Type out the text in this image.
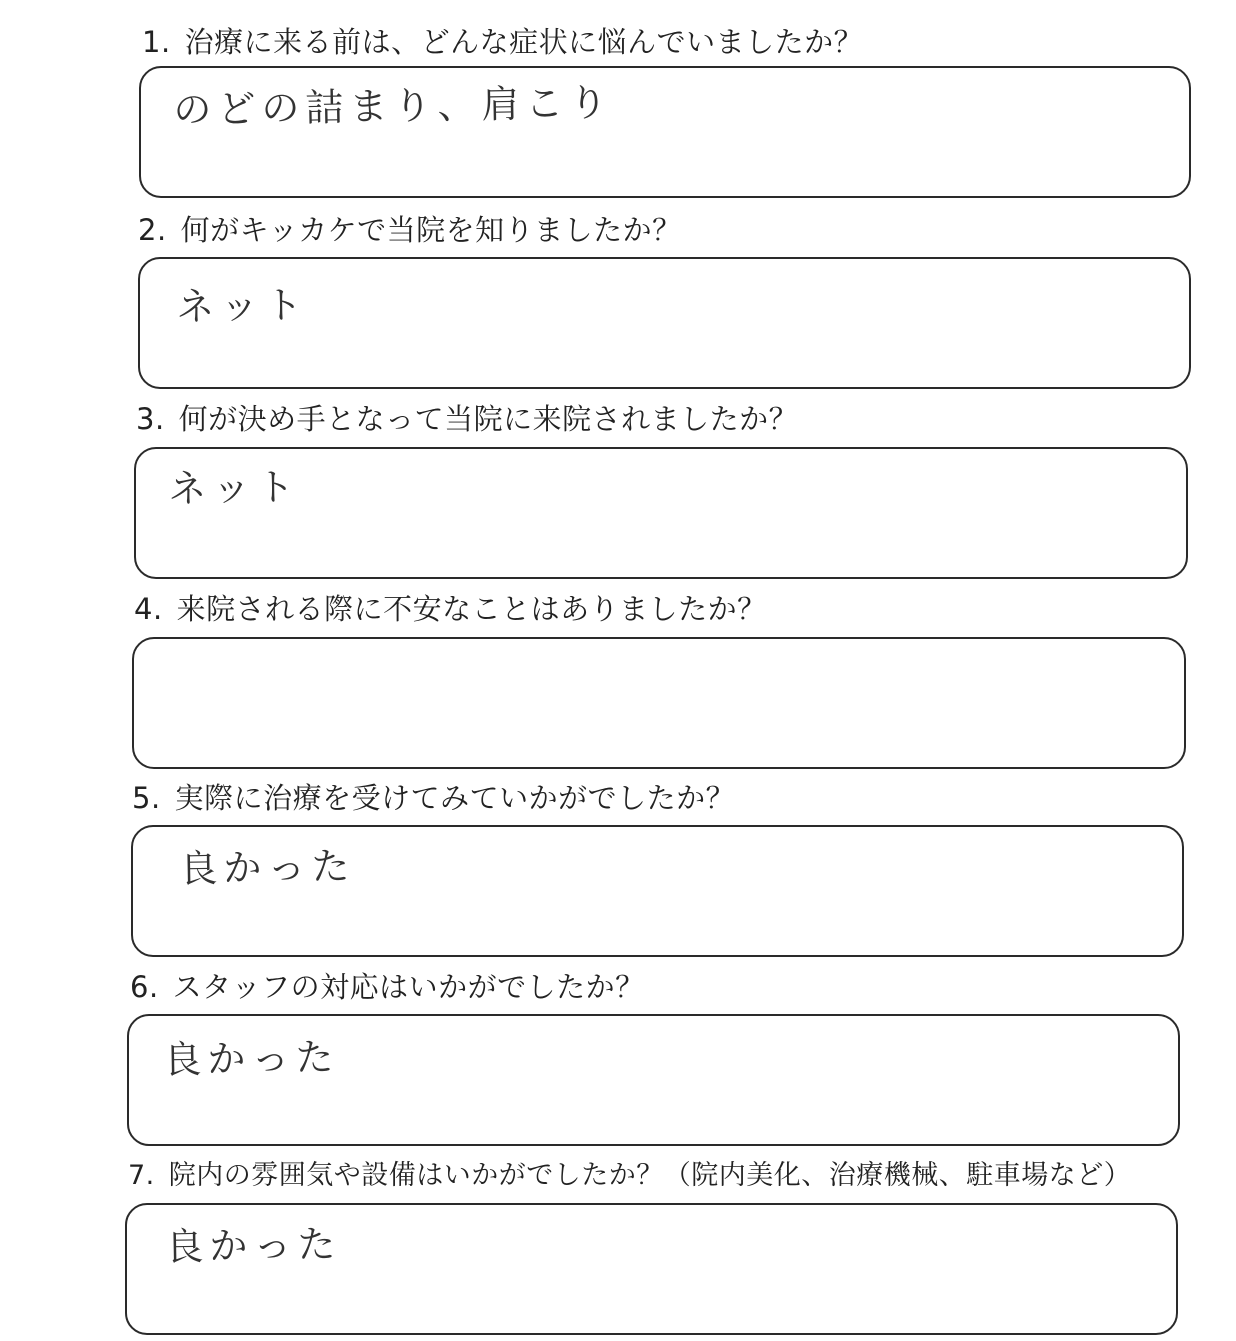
1. 治療に来る前は、どんな症状に悩んでいましたか？
のどの詰まり、肩こり
2. 何がキッカケで当院を知りましたか？
ネット
3. 何が決め手となって当院に来院されましたか？
ネット
4. 来院される際に不安なことはありましたか？
5. 実際に治療を受けてみていかがでしたか？
良かった
6. スタッフの対応はいかがでしたか？
良かった
7. 院内の雰囲気や設備はいかがでしたか？（院内美化、治療機械、駐車場など）
良かった
